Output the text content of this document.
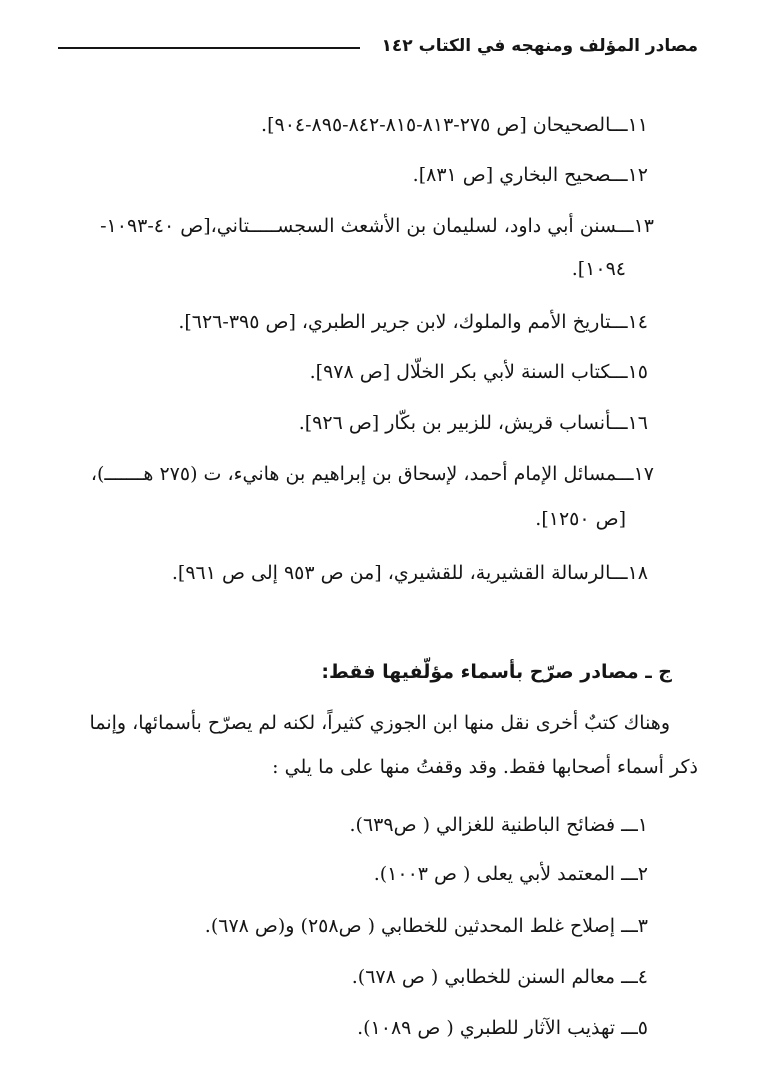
مصادر المؤلف ومنهجه في الكتاب ١٤٢
١١ـــالصحيحان [ص ٢٧٥-٨١٣-٨١٥-٨٤٢-٨٩٥-٩٠٤].
١٢ـــصحيح البخاري [ص ٨٣١].
١٣ـــسنن أبي داود، لسليمان بن الأشعث السجســـــتاني،[ص ٤٠-١٠٩٣-
١٠٩٤].
١٤ـــتاريخ الأمم والملوك، لابن جرير الطبري، [ص ٣٩٥-٦٢٦].
١٥ـــكتاب السنة لأبي بكر الخلّال [ص ٩٧٨].
١٦ـــأنساب قريش، للزبير بن بكّار [ص ٩٢٦].
١٧ـــمسائل الإمام أحمد، لإسحاق بن إبراهيم بن هانيء، ت (٢٧٥ هـــــــ)،
[ص ١٢٥٠].
١٨ـــالرسالة القشيرية، للقشيري، [من ص ٩٥٣ إلى ص ٩٦١].
ج ـ مصادر صرّح بأسماء مؤلّفيها فقط:
وهناك كتبٌ أخرى نقل منها ابن الجوزي كثيراً، لكنه لم يصرّح بأسمائها، وإنما
ذكر أسماء أصحابها فقط. وقد وقفتُ منها على ما يلي :
١ـــ فضائح الباطنية للغزالي ( ص٦٣٩).
٢ـــ المعتمد لأبي يعلى ( ص ١٠٠٣).
٣ـــ إصلاح غلط المحدثين للخطابي ( ص٢٥٨) و(ص ٦٧٨).
٤ـــ معالم السنن للخطابي ( ص ٦٧٨).
٥ـــ تهذيب الآثار للطبري ( ص ١٠٨٩).
